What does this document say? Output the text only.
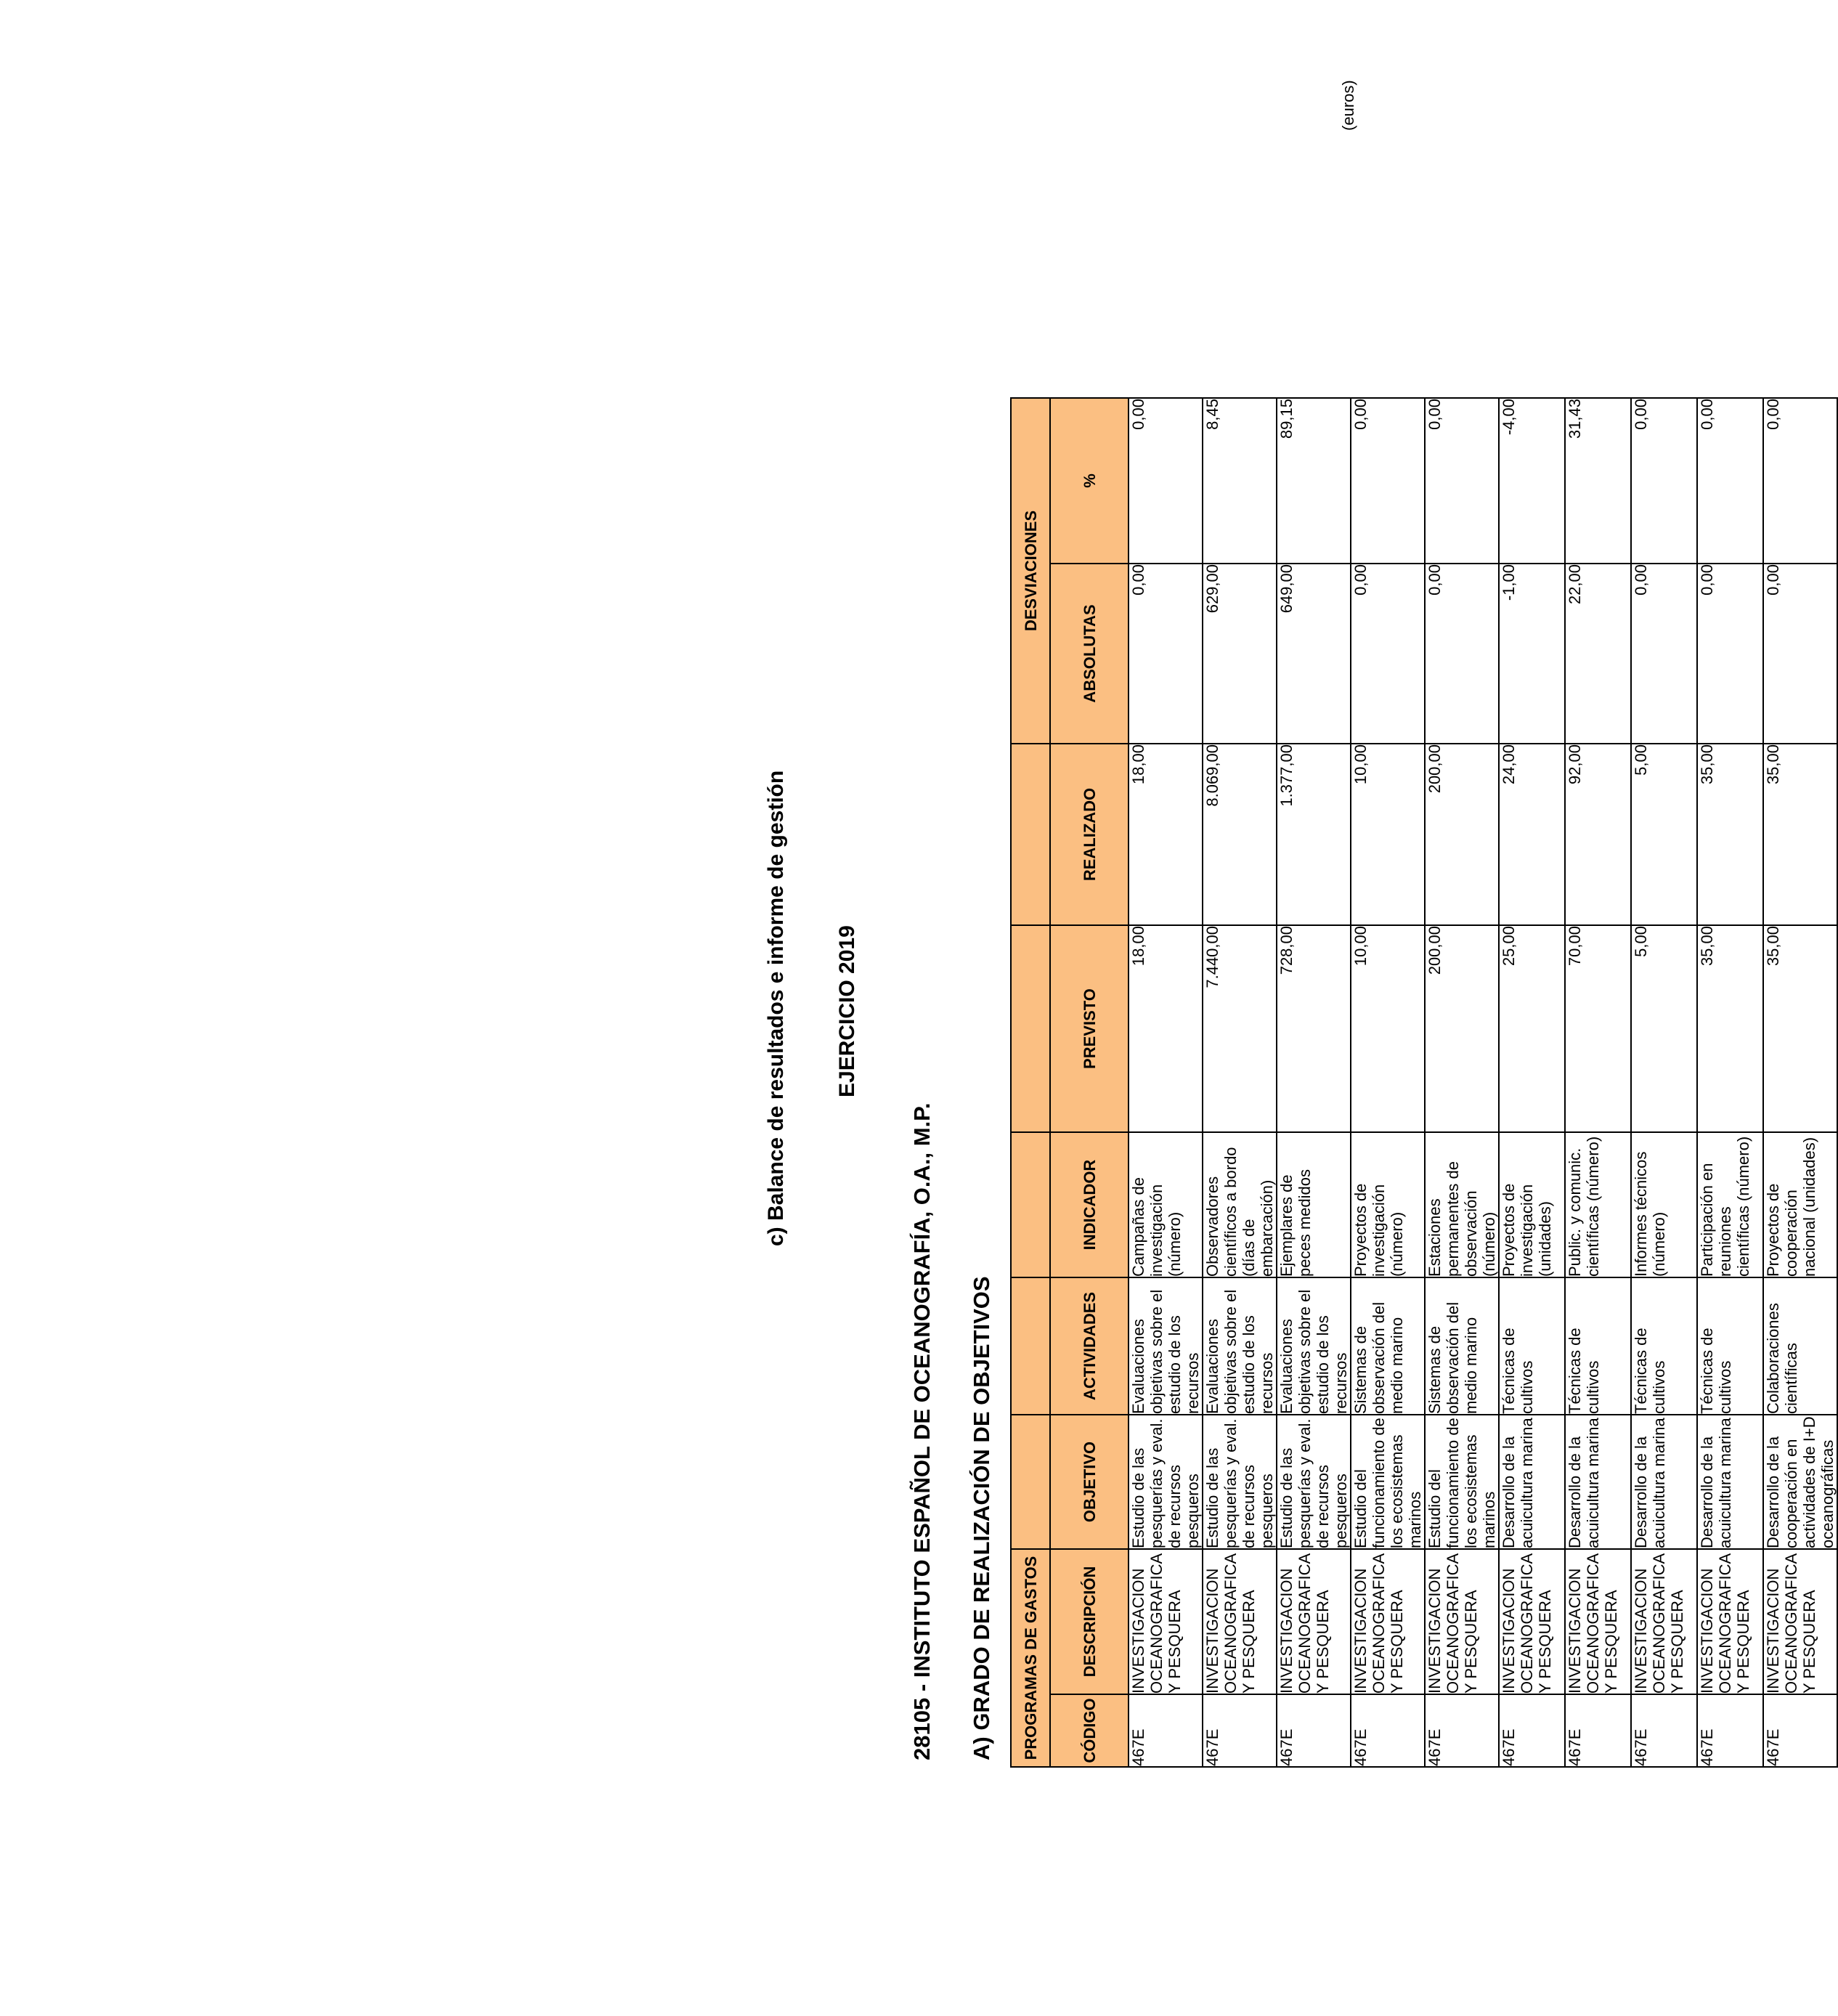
c) Balance de resultados e informe de gestión EJERCICIO 2019
28105 - INSTITUTO ESPAÑOL DE OCEANOGRAFÍA, O.A., M.P. A) GRADO DE REALIZACIÓN DE OBJETIVOS
(euros)
PROGRAMAS DE GASTOS							DESVIACIONES	
CÓDIGO	DESCRIPCIÓN	OBJETIVO	ACTIVIDADES	INDICADOR	PREVISTO	REALIZADO	ABSOLUTAS	%
467E	INVESTIGACION OCEANOGRAFICA Y PESQUERA	Estudio de las pesquerías y eval. de recursos pesqueros	Evaluaciones objetivas sobre el estudio de los recursos	Campañas de investigación (número)	18,00	18,00	0,00	0,00
467E	INVESTIGACION OCEANOGRAFICA Y PESQUERA	Estudio de las pesquerías y eval. de recursos pesqueros	Evaluaciones objetivas sobre el estudio de los recursos	Observadores científicos a bordo (días de embarcación)	7.440,00	8.069,00	629,00	8,45
467E	INVESTIGACION OCEANOGRAFICA Y PESQUERA	Estudio de las pesquerías y eval. de recursos pesqueros	Evaluaciones objetivas sobre el estudio de los recursos	Ejemplares de peces medidos	728,00	1.377,00	649,00	89,15
467E	INVESTIGACION OCEANOGRAFICA Y PESQUERA	Estudio del funcionamiento de los ecosistemas marinos	Sistemas de observación del medio marino	Proyectos de investigación (número)	10,00	10,00	0,00	0,00
467E	INVESTIGACION OCEANOGRAFICA Y PESQUERA	Estudio del funcionamiento de los ecosistemas marinos	Sistemas de observación del medio marino	Estaciones permanentes de observación (número)	200,00	200,00	0,00	0,00
467E	INVESTIGACION OCEANOGRAFICA Y PESQUERA	Desarrollo de la acuicultura marina	Técnicas de cultivos	Proyectos de investigación (unidades)	25,00	24,00	-1,00	-4,00
467E	INVESTIGACION OCEANOGRAFICA Y PESQUERA	Desarrollo de la acuicultura marina	Técnicas de cultivos	Public. y comunic. científicas (número)	70,00	92,00	22,00	31,43
467E	INVESTIGACION OCEANOGRAFICA Y PESQUERA	Desarrollo de la acuicultura marina	Técnicas de cultivos	Informes técnicos (número)	5,00	5,00	0,00	0,00
467E	INVESTIGACION OCEANOGRAFICA Y PESQUERA	Desarrollo de la acuicultura marina	Técnicas de cultivos	Participación en reuniones científicas (número)	35,00	35,00	0,00	0,00
467E	INVESTIGACION OCEANOGRAFICA Y PESQUERA	Desarrollo de la cooperación en actividades de I+D oceanográficas	Colaboraciones científicas	Proyectos de cooperación nacional (unidades)	35,00	35,00	0,00	0,00
